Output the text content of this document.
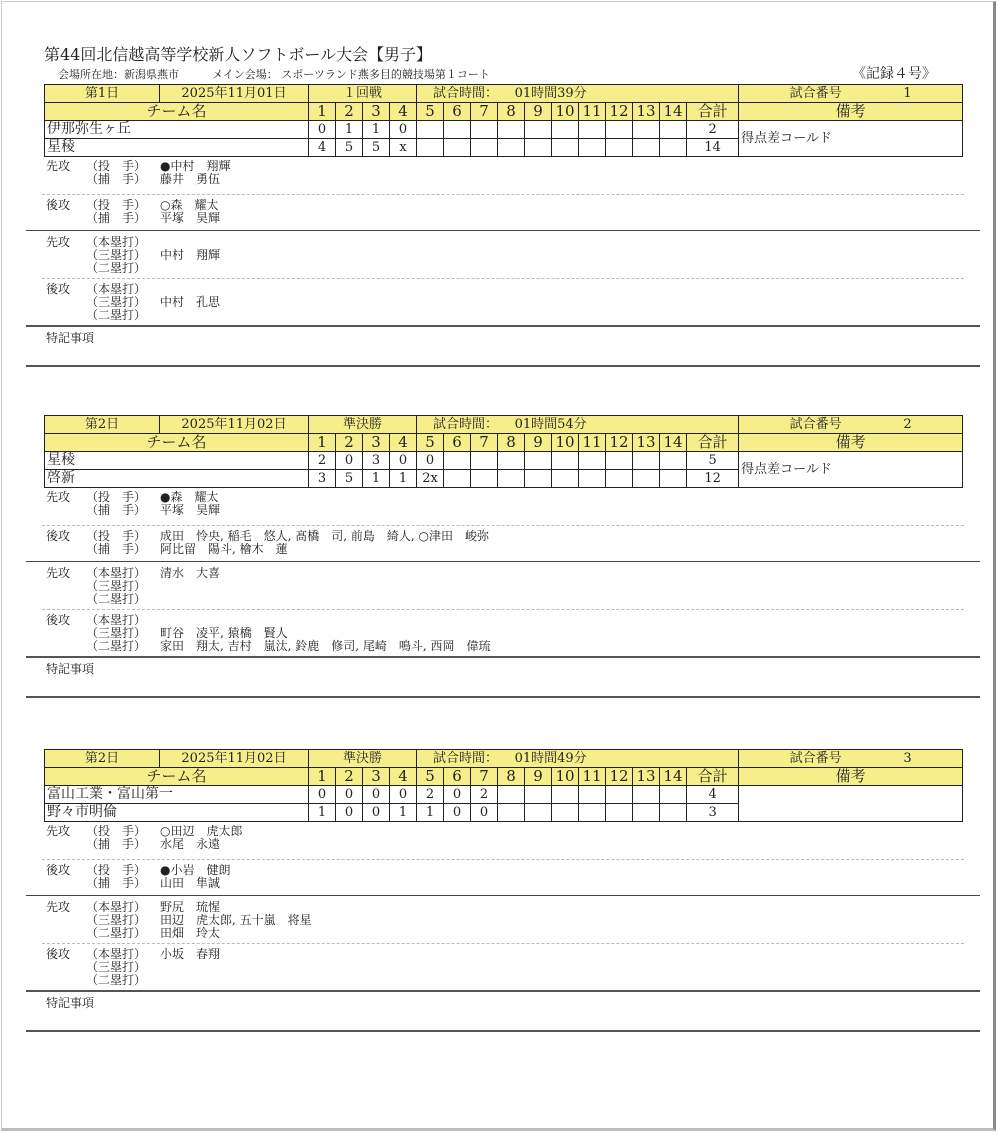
第44回北信越高等学校新人ソフトボール大会【男子】
会場所在地：新潟県燕市　　　メイン会場： スポーツランド燕多目的競技場第１コート	《記録４号》
第1日 2025年11月01日	１回戦				試合時間： 01時間39分											試合番号 1
チーム名	1	2	3	4	5	6	7	8	9	10	11	12	13	14	合計	備考
伊那弥生ヶ丘	0	1	1	0											2	得点差コールド
星稜	4	5	5	x											14	
先攻	（投　手）	●中村　翔輝
（捕　手）	藤井　勇伍
後攻	（投　手）	○森　耀太
（捕　手）	平塚　昊輝
先攻	（本塁打）
（三塁打）	中村　翔輝
（二塁打）
後攻	（本塁打）
（三塁打）	中村　孔思
（二塁打）
特記事項
第2日 2025年11月02日	準決勝				試合時間： 01時間54分											試合番号 2
チーム名	1	2	3	4	5	6	7	8	9	10	11	12	13	14	合計	備考
星稜	2	0	3	0	0										5	得点差コールド
啓新	3	5	1	1	2x										12	
先攻	（投　手）	●森　耀太
（捕　手）	平塚　昊輝
後攻	（投　手）	成田　怜央, 稲毛　悠人, 髙橋　司, 前島　綺人, ○津田　峻弥
（捕　手）	阿比留　陽斗, 檜木　蓮
先攻	（本塁打）	清水　大喜
（三塁打）
（二塁打）
後攻	（本塁打）
（三塁打）	町谷　凌平, 猿橋　賢人
（二塁打）	家田　翔太, 吉村　嵐汰, 鈴鹿　修司, 尾崎　鳴斗, 西岡　偉琉
特記事項
第2日 2025年11月02日	準決勝				試合時間： 01時間49分											試合番号 3
チーム名	1	2	3	4	5	6	7	8	9	10	11	12	13	14	合計	備考
富山工業・富山第一	0	0	0	0	2	0	2								4	
野々市明倫	1	0	0	1	1	0	0								3	
先攻	（投　手）	○田辺　虎太郎
（捕　手）	水尾　永遠
後攻	（投　手）	●小岩　健朗
（捕　手）	山田　隼誠
先攻	（本塁打）	野尻　琉惺
（三塁打）	田辺　虎太郎, 五十嵐　将星
（二塁打）	田畑　玲太
後攻	（本塁打）	小坂　春翔
（三塁打）
（二塁打）
特記事項
